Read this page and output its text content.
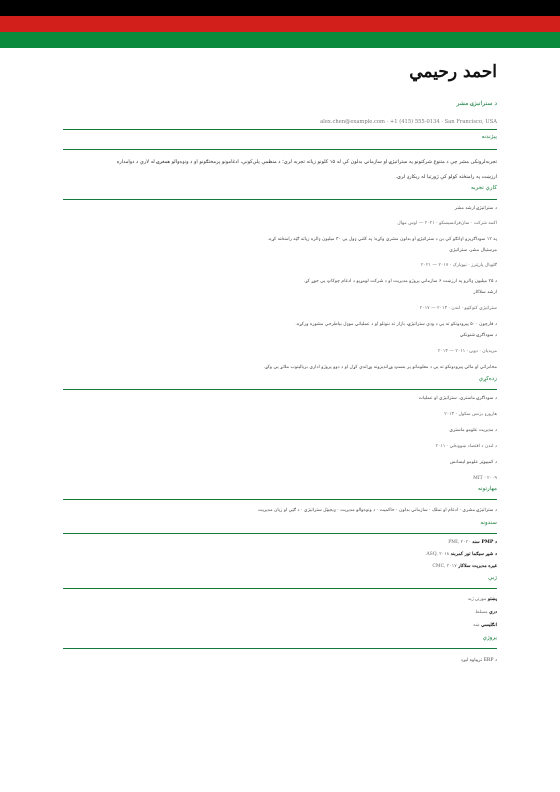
احمد رحيمي
د ستراتيژۍ مشر
alex.chen@example.com · +1 (415) 555-0134 · San Francisco, USA
پېژندنه
تجربه‌لرونکی مشر چې د متنوع شرکتونو په ستراتيژۍ او سازماني بدلون کې له ۱۵ کلونو زیاته تجربه لري؛ د منظمې پلې‌کونې، ادغامونو پرمختګونو او د ونډه‌والو همغږۍ له لارې د دوامداره
ارزښت په رامنځته کولو کې ژورتیا له ریکارډ لري.
کاري تجربه
د ستراتيژۍ ارشد مشر
اکمه شرکت · سان‌فرانسيسکو · ۲۰۲۱ — اوس مهال
په ۱۲ سوداګریزو اډانګو کې بن د ستراتيژۍ او بدلون مشري وکړه؛ په کلني ډول یې ۳۰ میلیون ډالره زیاته ګټه رامنځته کړه.
مرستيال مشر، ستراتيژي
ګلوبال پارټنرز · نيويارک · ۲۰۱۷ — ۲۰۲۱
د ۲۵ میلیون ډالرو په ارزښت ۶ سازماني پروژو مديريت او د شرکت لومړيو د ادغام چوکاټ يې جوړ کړ.
ارشد سلاکار
ستراتيژي کنډکټيو · لندن · ۲۰۱۳ — ۲۰۱۷
د فارچون ۵۰۰ پيرودونکو ته يې د ودې ستراتيژۍ، بازار ته ننوتلو او د عملياتي موډل بیاطرحې مشوره ورکړه.
د سوداګرۍ شنونکي
مريديان · دوبۍ · ۲۰۱۱ — ۲۰۱۳
مخابراتي او مالي پيرودونکو ته يې د معلوماتو پر بنسټ وړانديزونه وړاندې کړل او د دوو پروژو اداري برياليتوب ملاتړ يې وکړ.
زده‌کړې
د سوداګرۍ ماستري، ستراتيژي او عمليات
هارورډ بزنس سکول · ۲۰۱۳
د مديريت علومو ماستري
د لندن د اقتصاد ښوونځي · ۲۰۱۱
د کمپيوټر علومو ليسانس
MIT · ۲۰۰۹
مهارتونه
د ستراتيژۍ مشري · ادغام او تملک · سازماني بدلون · حاکميت · د ونډه‌والو مديريت · ډيجيټل ستراتيژي · د ګټې او زيان مديريت
سندونه
د PMP سند PMI, ۲۰۲۰
د شپږ سيګما تور کمربند ASQ, ۲۰۱۸
غیره مديريت سلاکار CMC, ۲۰۱۷
ژبې
پښتو مورنۍ ژبه
دري مسلط
انګليسي ښه
پروژې
د ERP ترپیاوه لیږد
